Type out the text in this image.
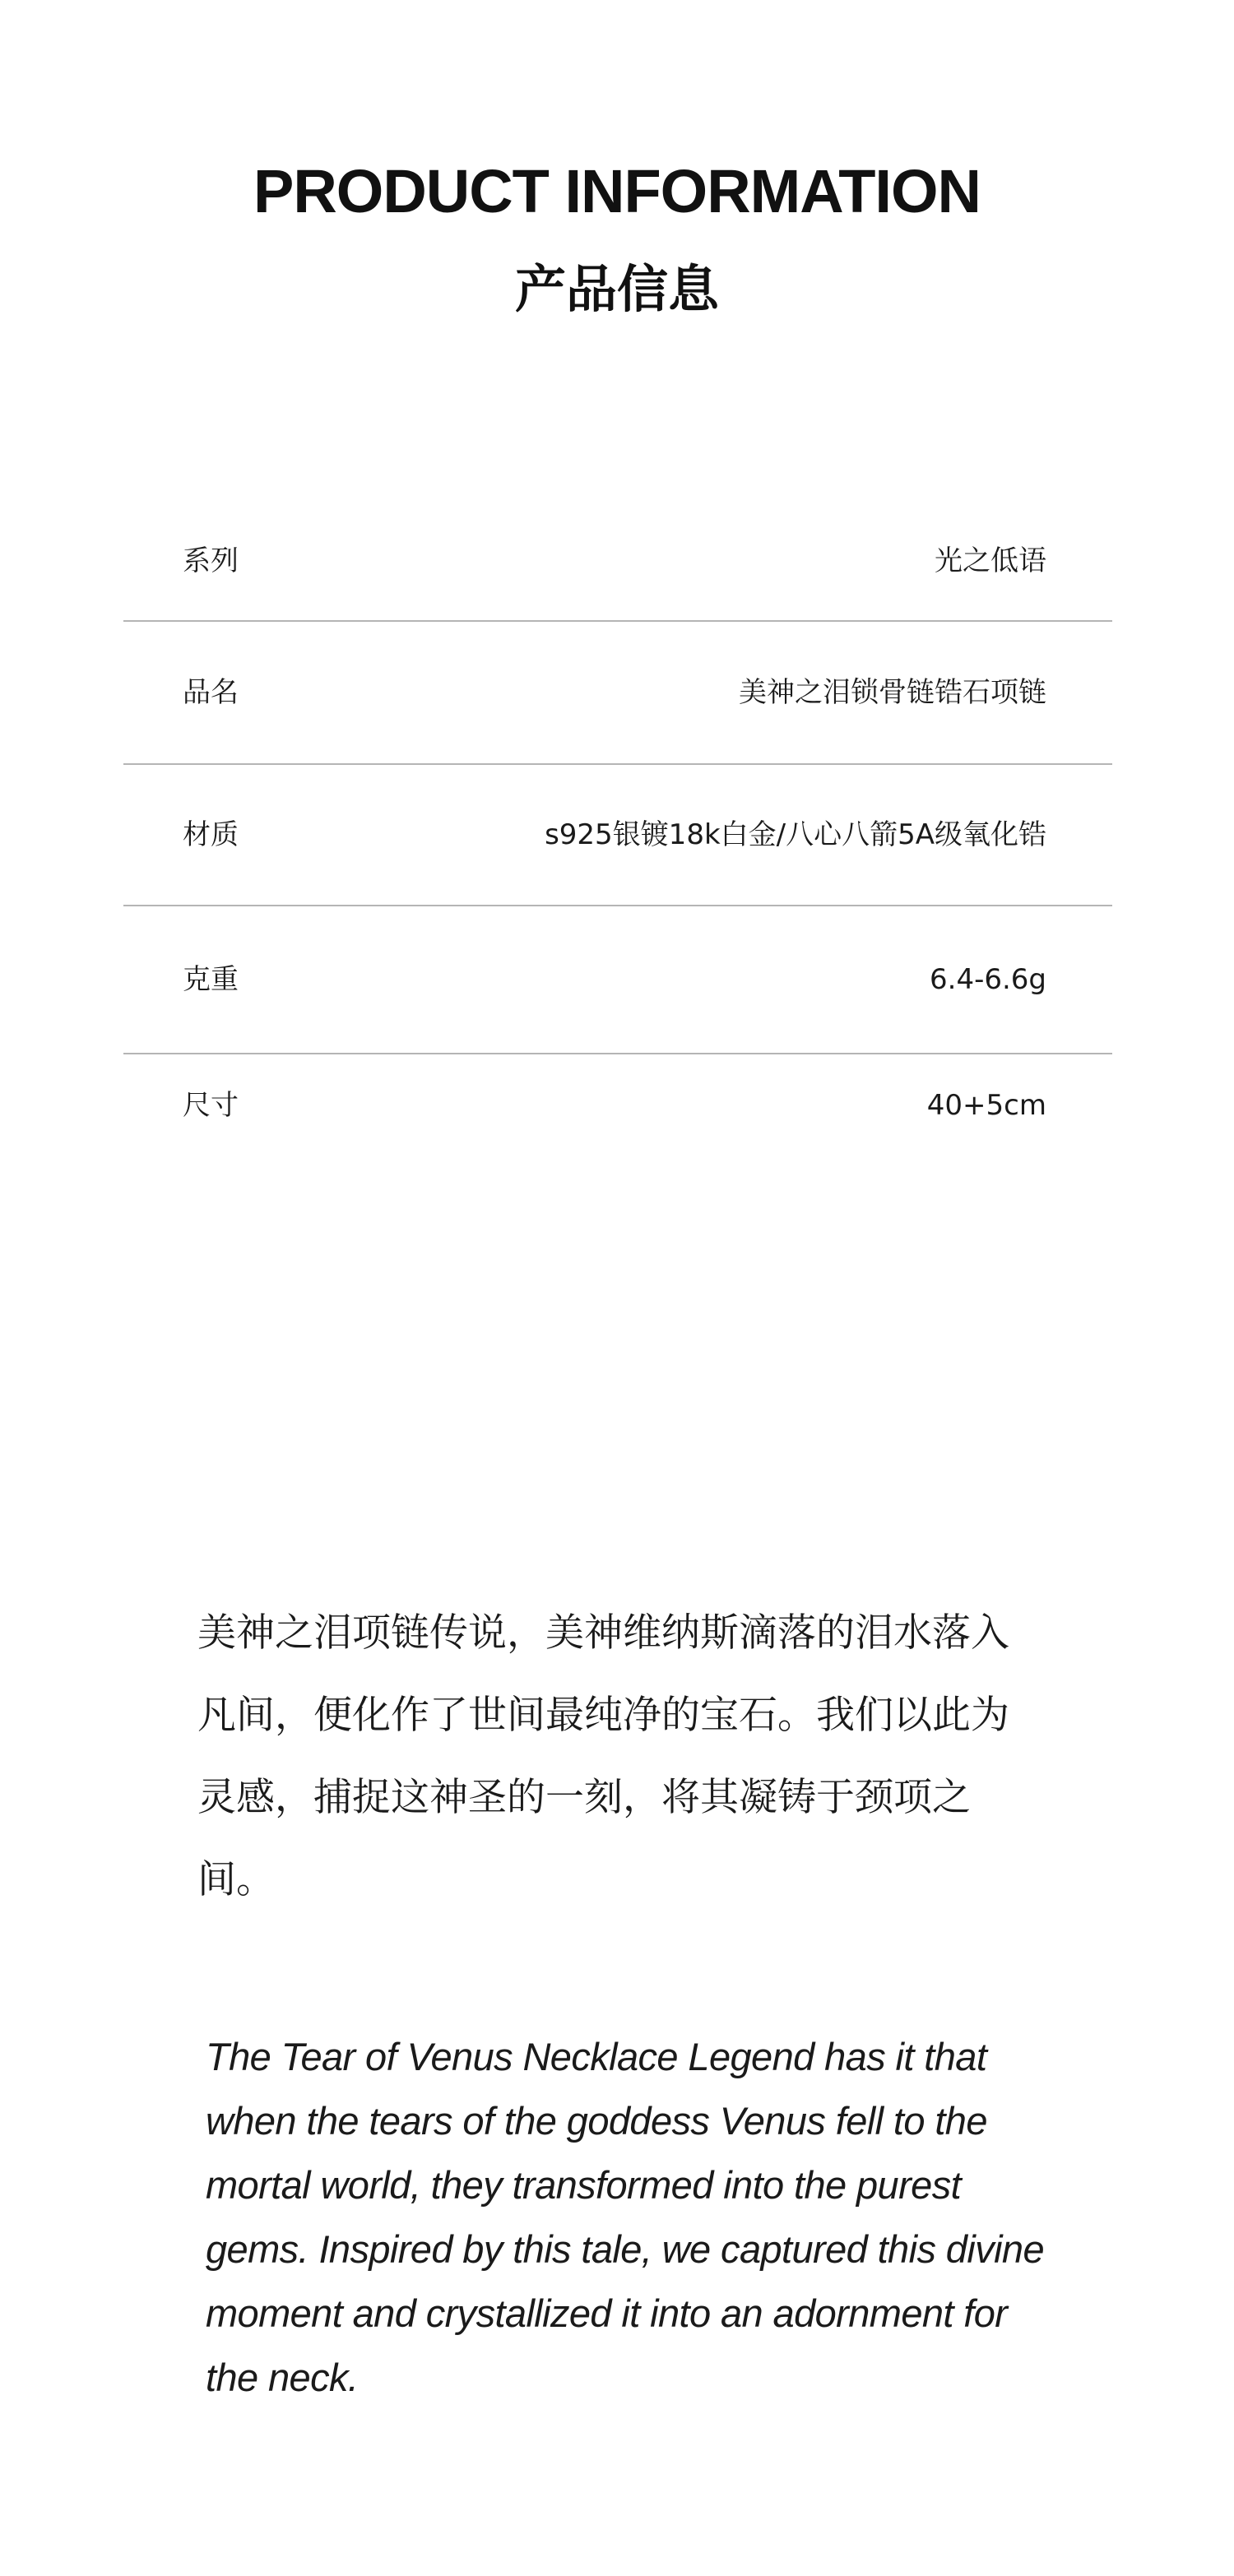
PRODUCT INFORMATION
产品信息
系列	光之低语
品名	美神之泪锁骨链锆石项链
材质	s925银镀18k白金/八心八箭5A级氧化锆
克重	6.4-6.6g
尺寸	40+5cm
美神之泪项链传说，美神维纳斯滴落的泪水落入凡间，便化作了世间最纯净的宝石。我们以此为灵感，捕捉这神圣的一刻，将其凝铸于颈项之间。
The Tear of Venus Necklace Legend has it that when the tears of the goddess Venus fell to the mortal world, they transformed into the purest gems. Inspired by this tale, we captured this divine moment and crystallized it into an adornment for the neck.
